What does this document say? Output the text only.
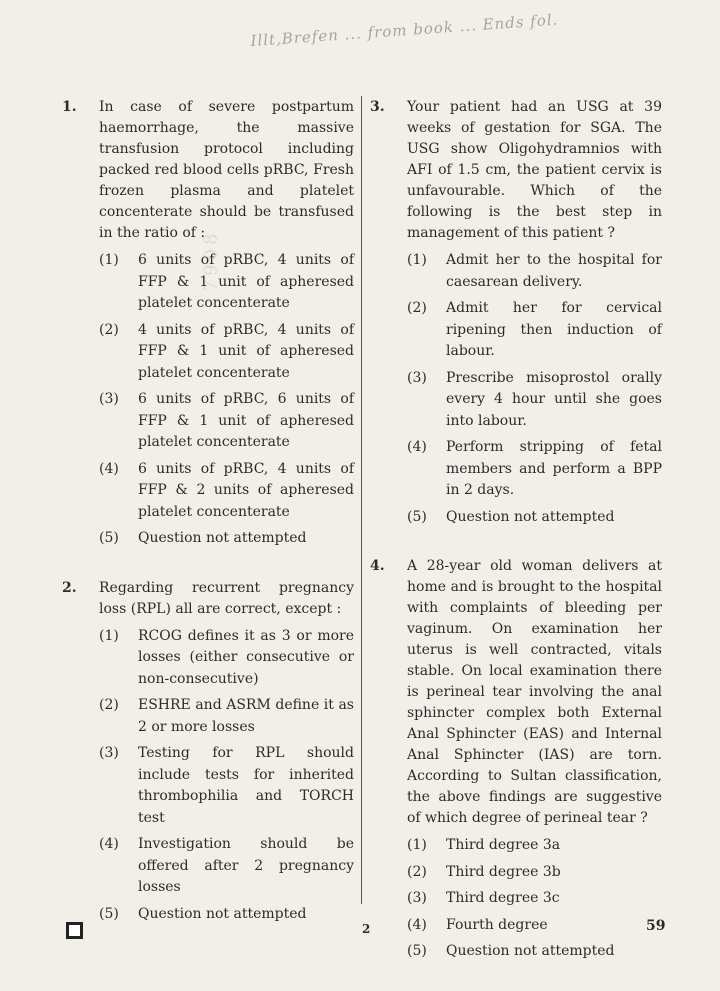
Illt,Brefen ... from book ... Ends fol.
1. In case of severe postpartum haemorrhage, the massive transfusion protocol including packed red blood cells pRBC, Fresh frozen plasma and platelet concenterate should be transfused in the ratio of :
(1) 6 units of pRBC, 4 units of FFP & 1 unit of apheresed platelet concenterate
(2) 4 units of pRBC, 4 units of FFP & 1 unit of apheresed platelet concenterate
(3) 6 units of pRBC, 6 units of FFP & 1 unit of apheresed platelet concenterate
(4) 6 units of pRBC, 4 units of FFP & 2 units of apheresed platelet concenterate
(5) Question not attempted
2. Regarding recurrent pregnancy loss (RPL) all are correct, except :
(1) RCOG defines it as 3 or more losses (either consecutive or non-consecutive)
(2) ESHRE and ASRM define it as 2 or more losses
(3) Testing for RPL should include tests for inherited thrombophilia and TORCH test
(4) Investigation should be offered after 2 pregnancy losses
(5) Question not attempted
3. Your patient had an USG at 39 weeks of gestation for SGA. The USG show Oligohydramnios with AFI of 1.5 cm, the patient cervix is unfavourable. Which of the following is the best step in management of this patient ?
(1) Admit her to the hospital for caesarean delivery.
(2) Admit her for cervical ripening then induction of labour.
(3) Prescribe misoprostol orally every 4 hour until she goes into labour.
(4) Perform stripping of fetal members and perform a BPP in 2 days.
(5) Question not attempted
4. A 28-year old woman delivers at home and is brought to the hospital with complaints of bleeding per vaginum. On examination her uterus is well contracted, vitals stable. On local examination there is perineal tear involving the anal sphincter complex both External Anal Sphincter (EAS) and Internal Anal Sphincter (IAS) are torn. According to Sultan classification, the above findings are suggestive of which degree of perineal tear ?
(1) Third degree 3a
(2) Third degree 3b
(3) Third degree 3c
(4) Fourth degree
(5) Question not attempted
7908
2	59
